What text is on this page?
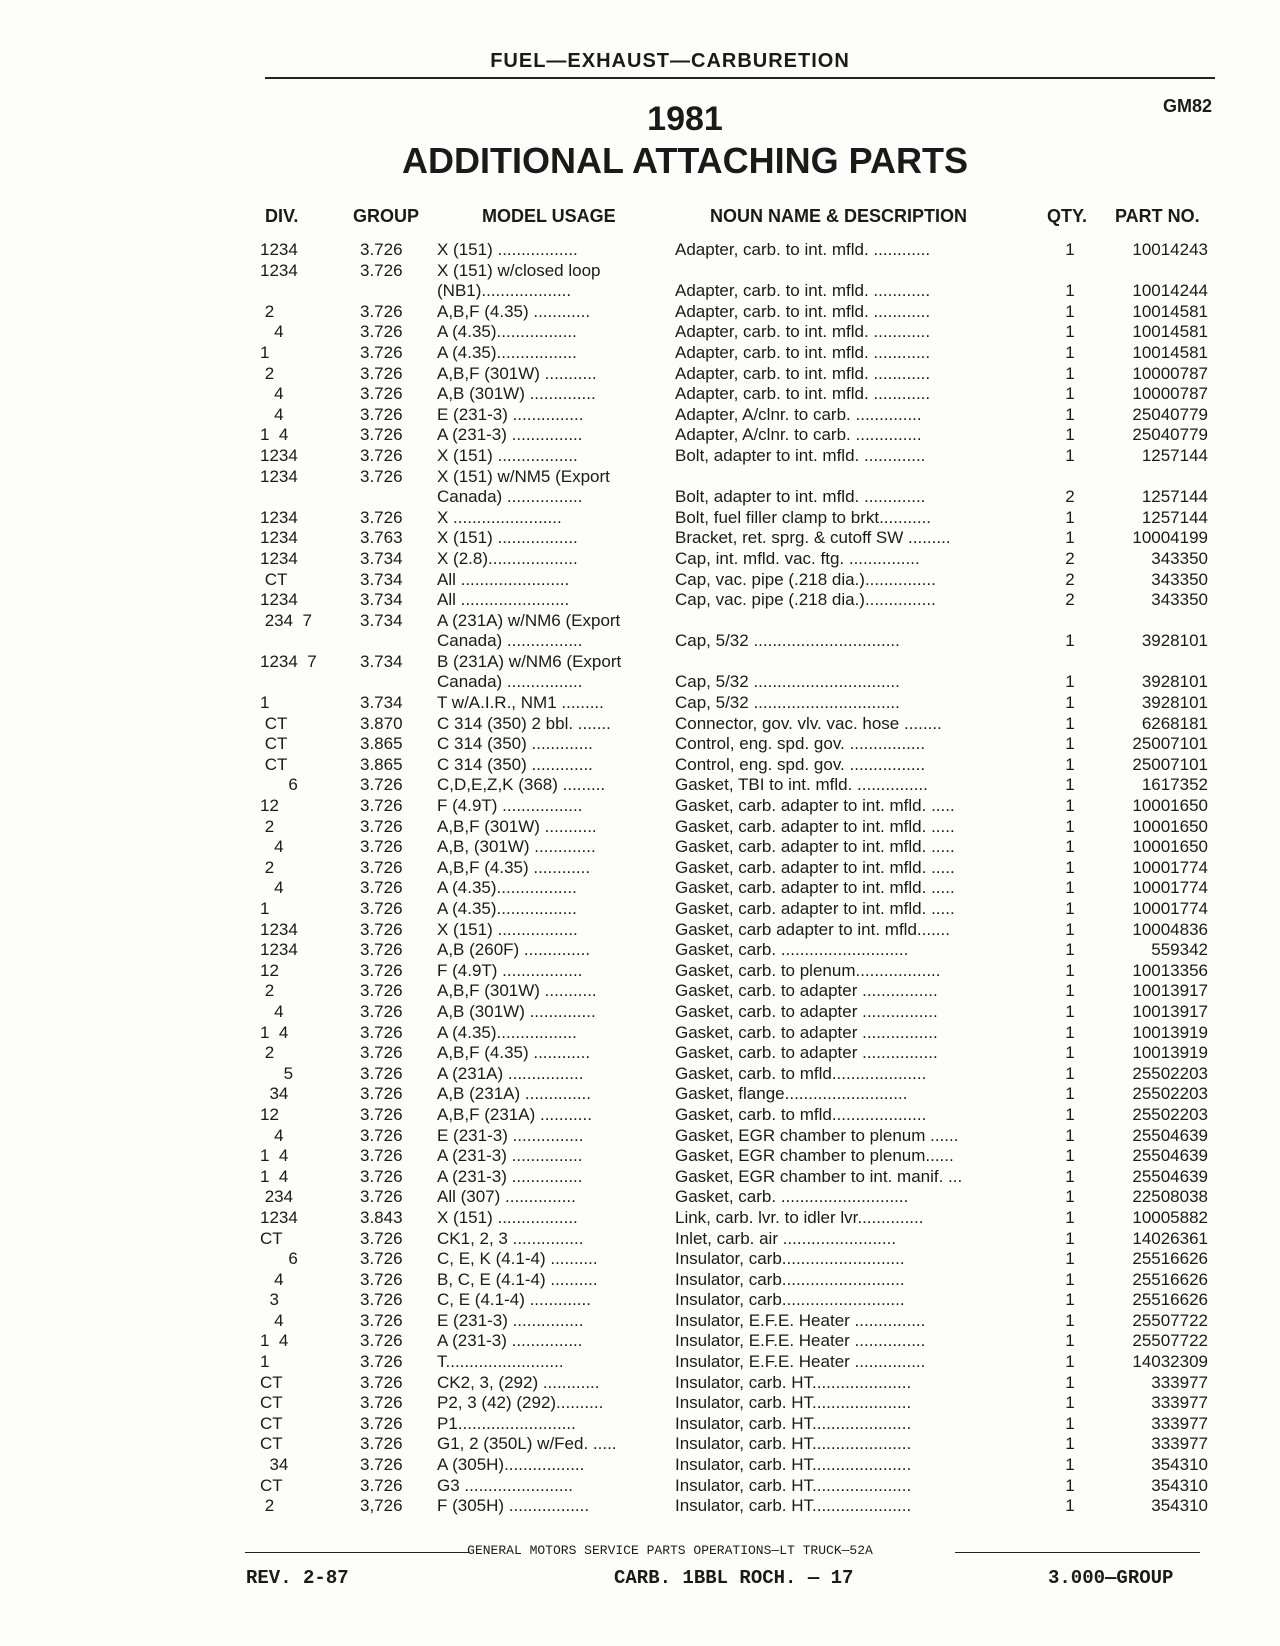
FUEL—EXHAUST—CARBURETION
1981	GM82
ADDITIONAL ATTACHING PARTS
DIV.	GROUP	MODEL USAGE	NOUN NAME & DESCRIPTION	QTY. PART NO.
1234	3.726	X (151) .................	Adapter, carb. to int. mfld. ............	1	10014243
1234	3.726	X (151) w/closed loop
(NB1)...................	Adapter, carb. to int. mfld. ............	1	10014244
2	3.726	A,B,F (4.35) ............	Adapter, carb. to int. mfld. ............	1	10014581
4	3.726	A (4.35).................	Adapter, carb. to int. mfld. ............	1	10014581
1	3.726	A (4.35).................	Adapter, carb. to int. mfld. ............	1	10014581
2	3.726	A,B,F (301W) ...........	Adapter, carb. to int. mfld. ............	1	10000787
4	3.726	A,B (301W) ..............	Adapter, carb. to int. mfld. ............	1	10000787
4	3.726	E (231-3) ...............	Adapter, A/clnr. to carb. ..............	1	25040779
1  4	3.726	A (231-3) ...............	Adapter, A/clnr. to carb. ..............	1	25040779
1234	3.726	X (151) .................	Bolt, adapter to int. mfld. .............	1	1257144
1234	3.726	X (151) w/NM5 (Export
Canada) ................	Bolt, adapter to int. mfld. .............	2	1257144
1234	3.726	X .......................	Bolt, fuel filler clamp to brkt...........	1	1257144
1234	3.763	X (151) .................	Bracket, ret. sprg. & cutoff SW .........	1	10004199
1234	3.734	X (2.8)...................	Cap, int. mfld. vac. ftg. ...............	2	343350
CT	3.734	All .......................	Cap, vac. pipe (.218 dia.)...............	2	343350
1234	3.734	All .......................	Cap, vac. pipe (.218 dia.)...............	2	343350
234  7	3.734	A (231A) w/NM6 (Export
Canada) ................	Cap, 5/32 ...............................	1	3928101
1234  7	3.734	B (231A) w/NM6 (Export
Canada) ................	Cap, 5/32 ...............................	1	3928101
1	3.734	T w/A.I.R., NM1 .........	Cap, 5/32 ...............................	1	3928101
CT	3.870	C 314 (350) 2 bbl. .......	Connector, gov. vlv. vac. hose ........	1	6268181
CT	3.865	C 314 (350) .............	Control, eng. spd. gov. ................	1	25007101
CT	3.865	C 314 (350) .............	Control, eng. spd. gov. ................	1	25007101
6	3.726	C,D,E,Z,K (368) .........	Gasket, TBI to int. mfld. ...............	1	1617352
12	3.726	F (4.9T) .................	Gasket, carb. adapter to int. mfld. .....	1	10001650
2	3.726	A,B,F (301W) ...........	Gasket, carb. adapter to int. mfld. .....	1	10001650
4	3.726	A,B, (301W) .............	Gasket, carb. adapter to int. mfld. .....	1	10001650
2	3.726	A,B,F (4.35) ............	Gasket, carb. adapter to int. mfld. .....	1	10001774
4	3.726	A (4.35).................	Gasket, carb. adapter to int. mfld. .....	1	10001774
1	3.726	A (4.35).................	Gasket, carb. adapter to int. mfld. .....	1	10001774
1234	3.726	X (151) .................	Gasket, carb adapter to int. mfld.......	1	10004836
1234	3.726	A,B (260F) ..............	Gasket, carb. ...........................	1	559342
12	3.726	F (4.9T) .................	Gasket, carb. to plenum..................	1	10013356
2	3.726	A,B,F (301W) ...........	Gasket, carb. to adapter ................	1	10013917
4	3.726	A,B (301W) ..............	Gasket, carb. to adapter ................	1	10013917
1  4	3.726	A (4.35).................	Gasket, carb. to adapter ................	1	10013919
2	3.726	A,B,F (4.35) ............	Gasket, carb. to adapter ................	1	10013919
5	3.726	A (231A) ................	Gasket, carb. to mfld....................	1	25502203
34	3.726	A,B (231A) ..............	Gasket, flange..........................	1	25502203
12	3.726	A,B,F (231A) ...........	Gasket, carb. to mfld....................	1	25502203
4	3.726	E (231-3) ...............	Gasket, EGR chamber to plenum ......	1	25504639
1  4	3.726	A (231-3) ...............	Gasket, EGR chamber to plenum......	1	25504639
1  4	3.726	A (231-3) ...............	Gasket, EGR chamber to int. manif. ...	1	25504639
234	3.726	All (307) ...............	Gasket, carb. ...........................	1	22508038
1234	3.843	X (151) .................	Link, carb. lvr. to idler lvr..............	1	10005882
CT	3.726	CK1, 2, 3 ...............	Inlet, carb. air ........................	1	14026361
6	3.726	C, E, K (4.1-4) ..........	Insulator, carb..........................	1	25516626
4	3.726	B, C, E (4.1-4) ..........	Insulator, carb..........................	1	25516626
3	3.726	C, E (4.1-4) .............	Insulator, carb..........................	1	25516626
4	3.726	E (231-3) ...............	Insulator, E.F.E. Heater ...............	1	25507722
1  4	3.726	A (231-3) ...............	Insulator, E.F.E. Heater ...............	1	25507722
1	3.726	T.........................	Insulator, E.F.E. Heater ...............	1	14032309
CT	3.726	CK2, 3, (292) ............	Insulator, carb. HT.....................	1	333977
CT	3.726	P2, 3 (42) (292)..........	Insulator, carb. HT.....................	1	333977
CT	3.726	P1.........................	Insulator, carb. HT.....................	1	333977
CT	3.726	G1, 2 (350L) w/Fed. .....	Insulator, carb. HT.....................	1	333977
34	3.726	A (305H).................	Insulator, carb. HT.....................	1	354310
CT	3.726	G3 .......................	Insulator, carb. HT.....................	1	354310
2	3,726	F (305H) .................	Insulator, carb. HT.....................	1	354310
GENERAL MOTORS SERVICE PARTS OPERATIONS—LT TRUCK—52A
REV. 2-87	CARB. 1BBL ROCH. — 17	3.000—GROUP
